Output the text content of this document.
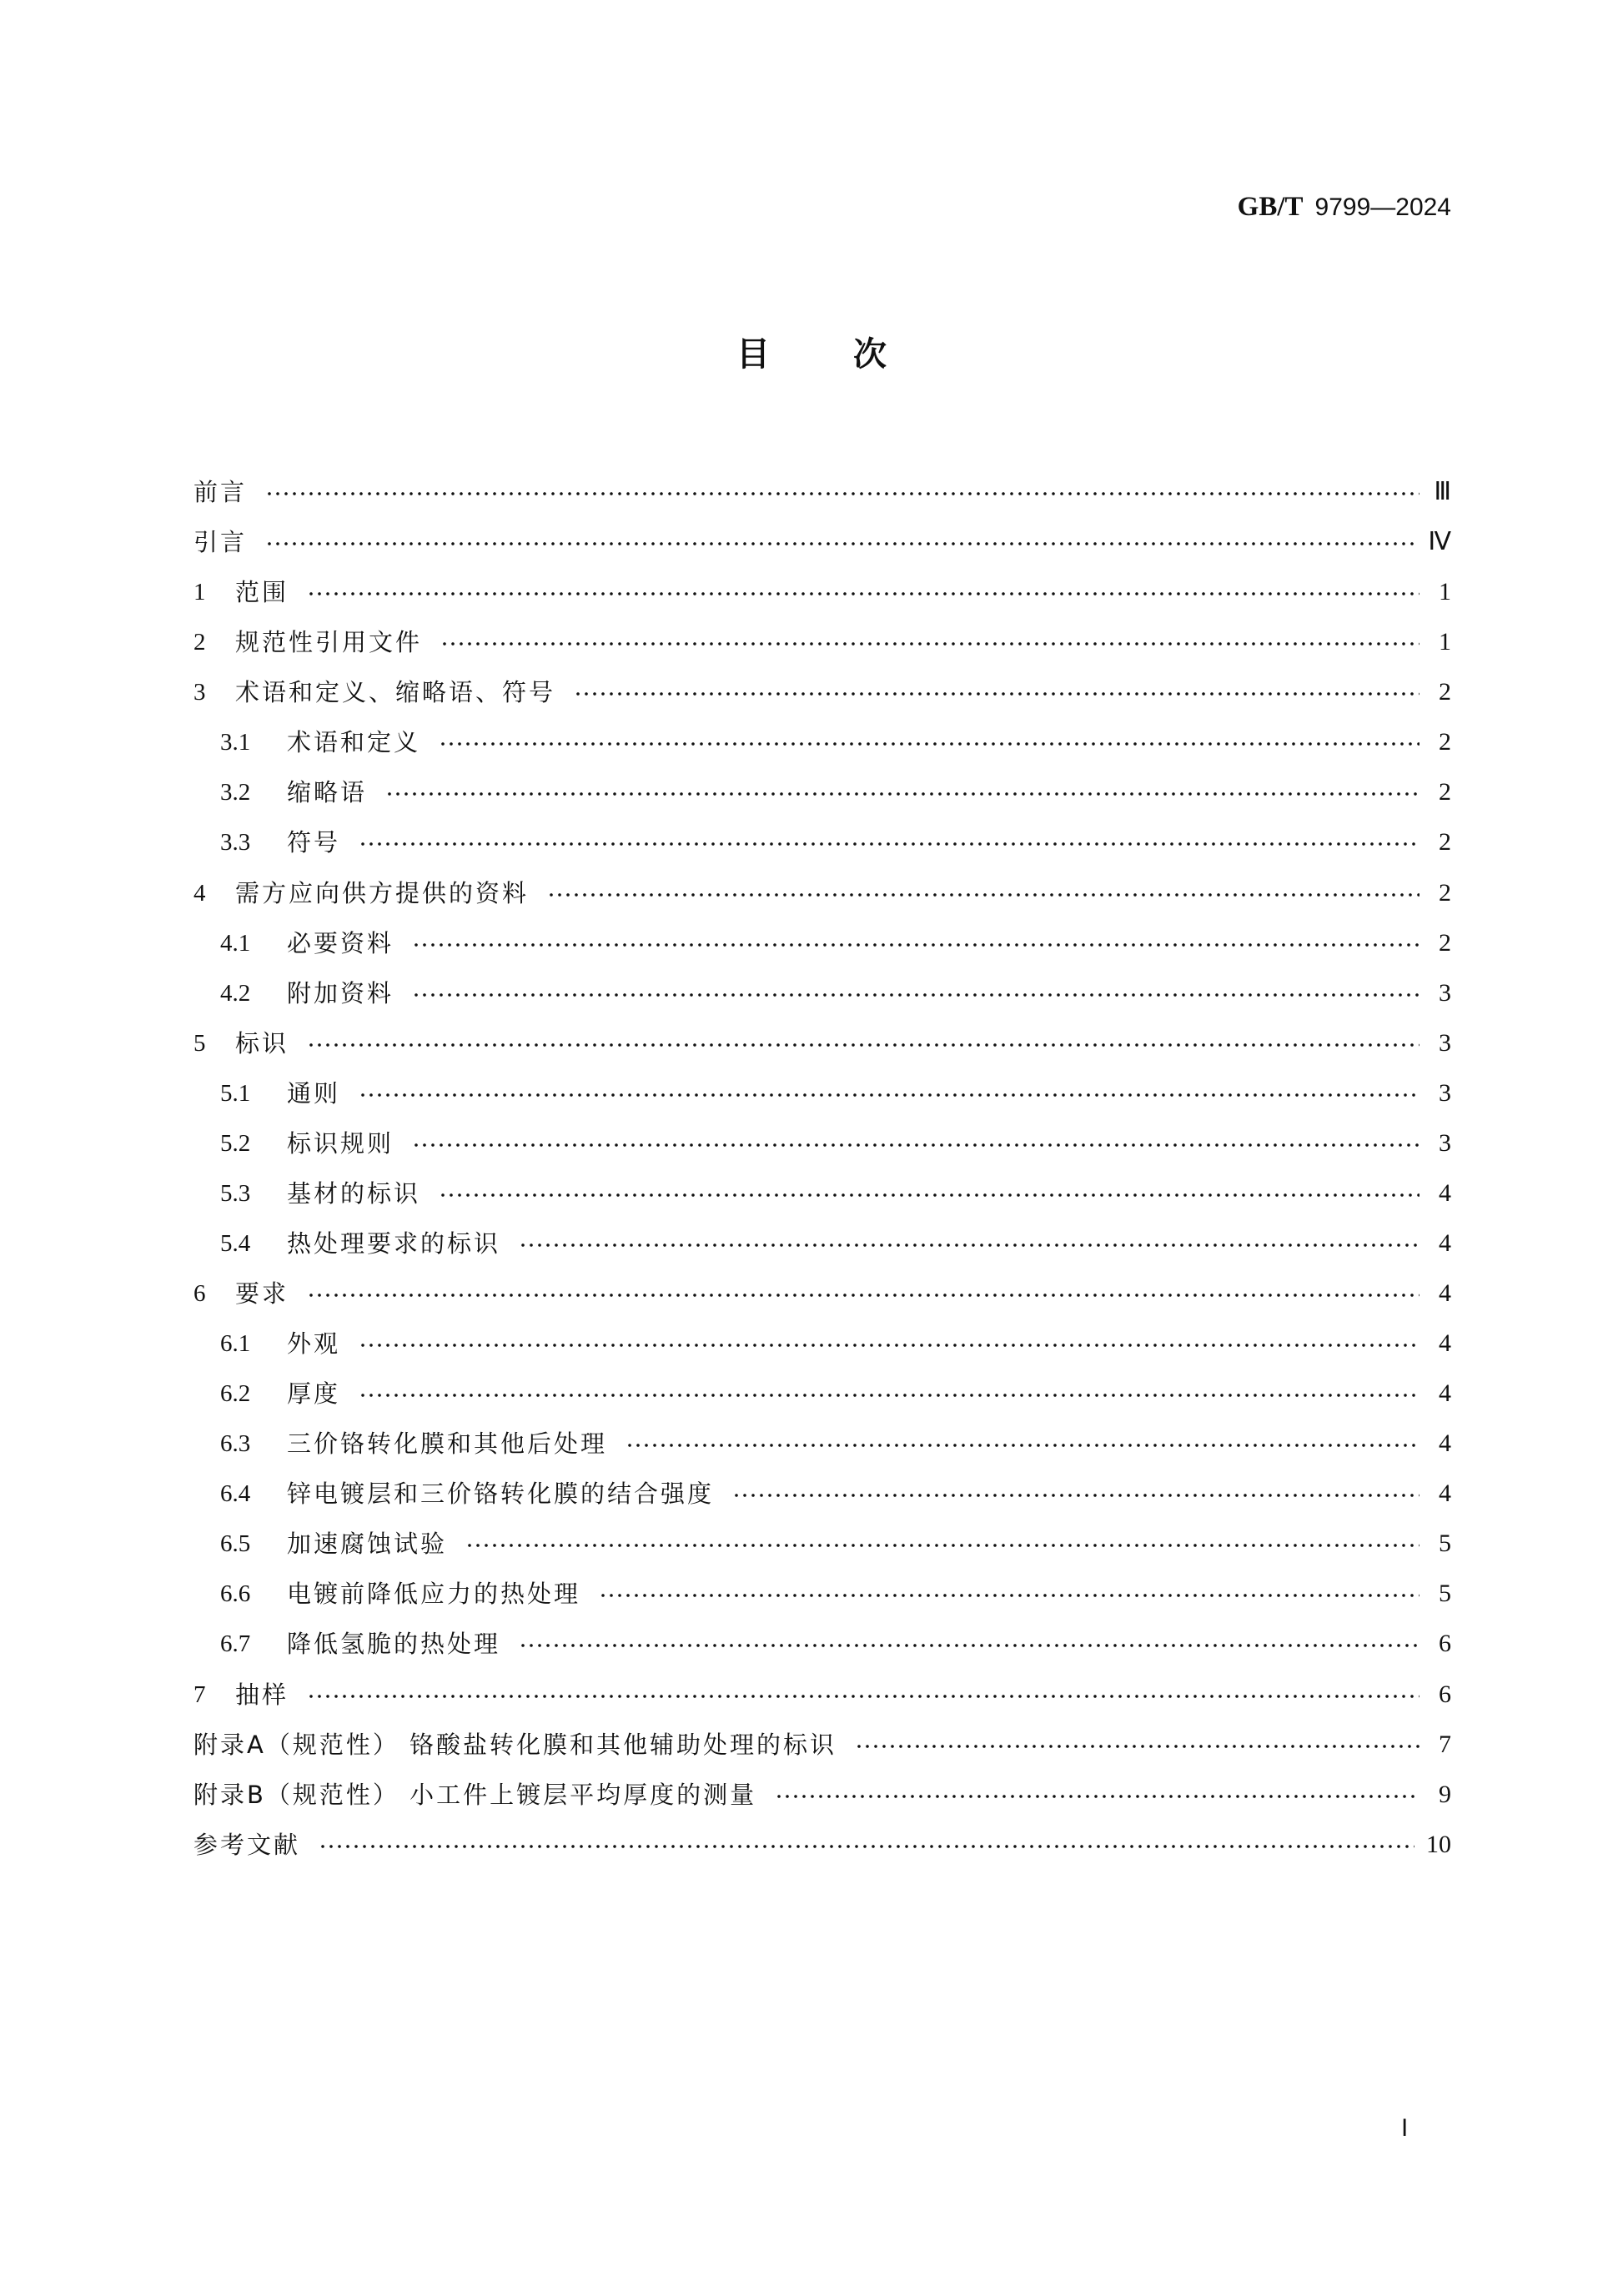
GB/T 9799—2024
目	次
前言	Ⅲ
引言	Ⅳ
1	范围	1
2	规范性引用文件	1
3	术语和定义、缩略语、符号	2
3.1	术语和定义	2
3.2	缩略语	2
3.3	符号	2
4	需方应向供方提供的资料	2
4.1	必要资料	2
4.2	附加资料	3
5	标识	3
5.1	通则	3
5.2	标识规则	3
5.3	基材的标识	4
5.4	热处理要求的标识	4
6	要求	4
6.1	外观	4
6.2	厚度	4
6.3	三价铬转化膜和其他后处理	4
6.4	锌电镀层和三价铬转化膜的结合强度	4
6.5	加速腐蚀试验	5
6.6	电镀前降低应力的热处理	5
6.7	降低氢脆的热处理	6
7	抽样	6
附录A（规范性） 铬酸盐转化膜和其他辅助处理的标识	7
附录B（规范性） 小工件上镀层平均厚度的测量	9
参考文献	10
Ⅰ
